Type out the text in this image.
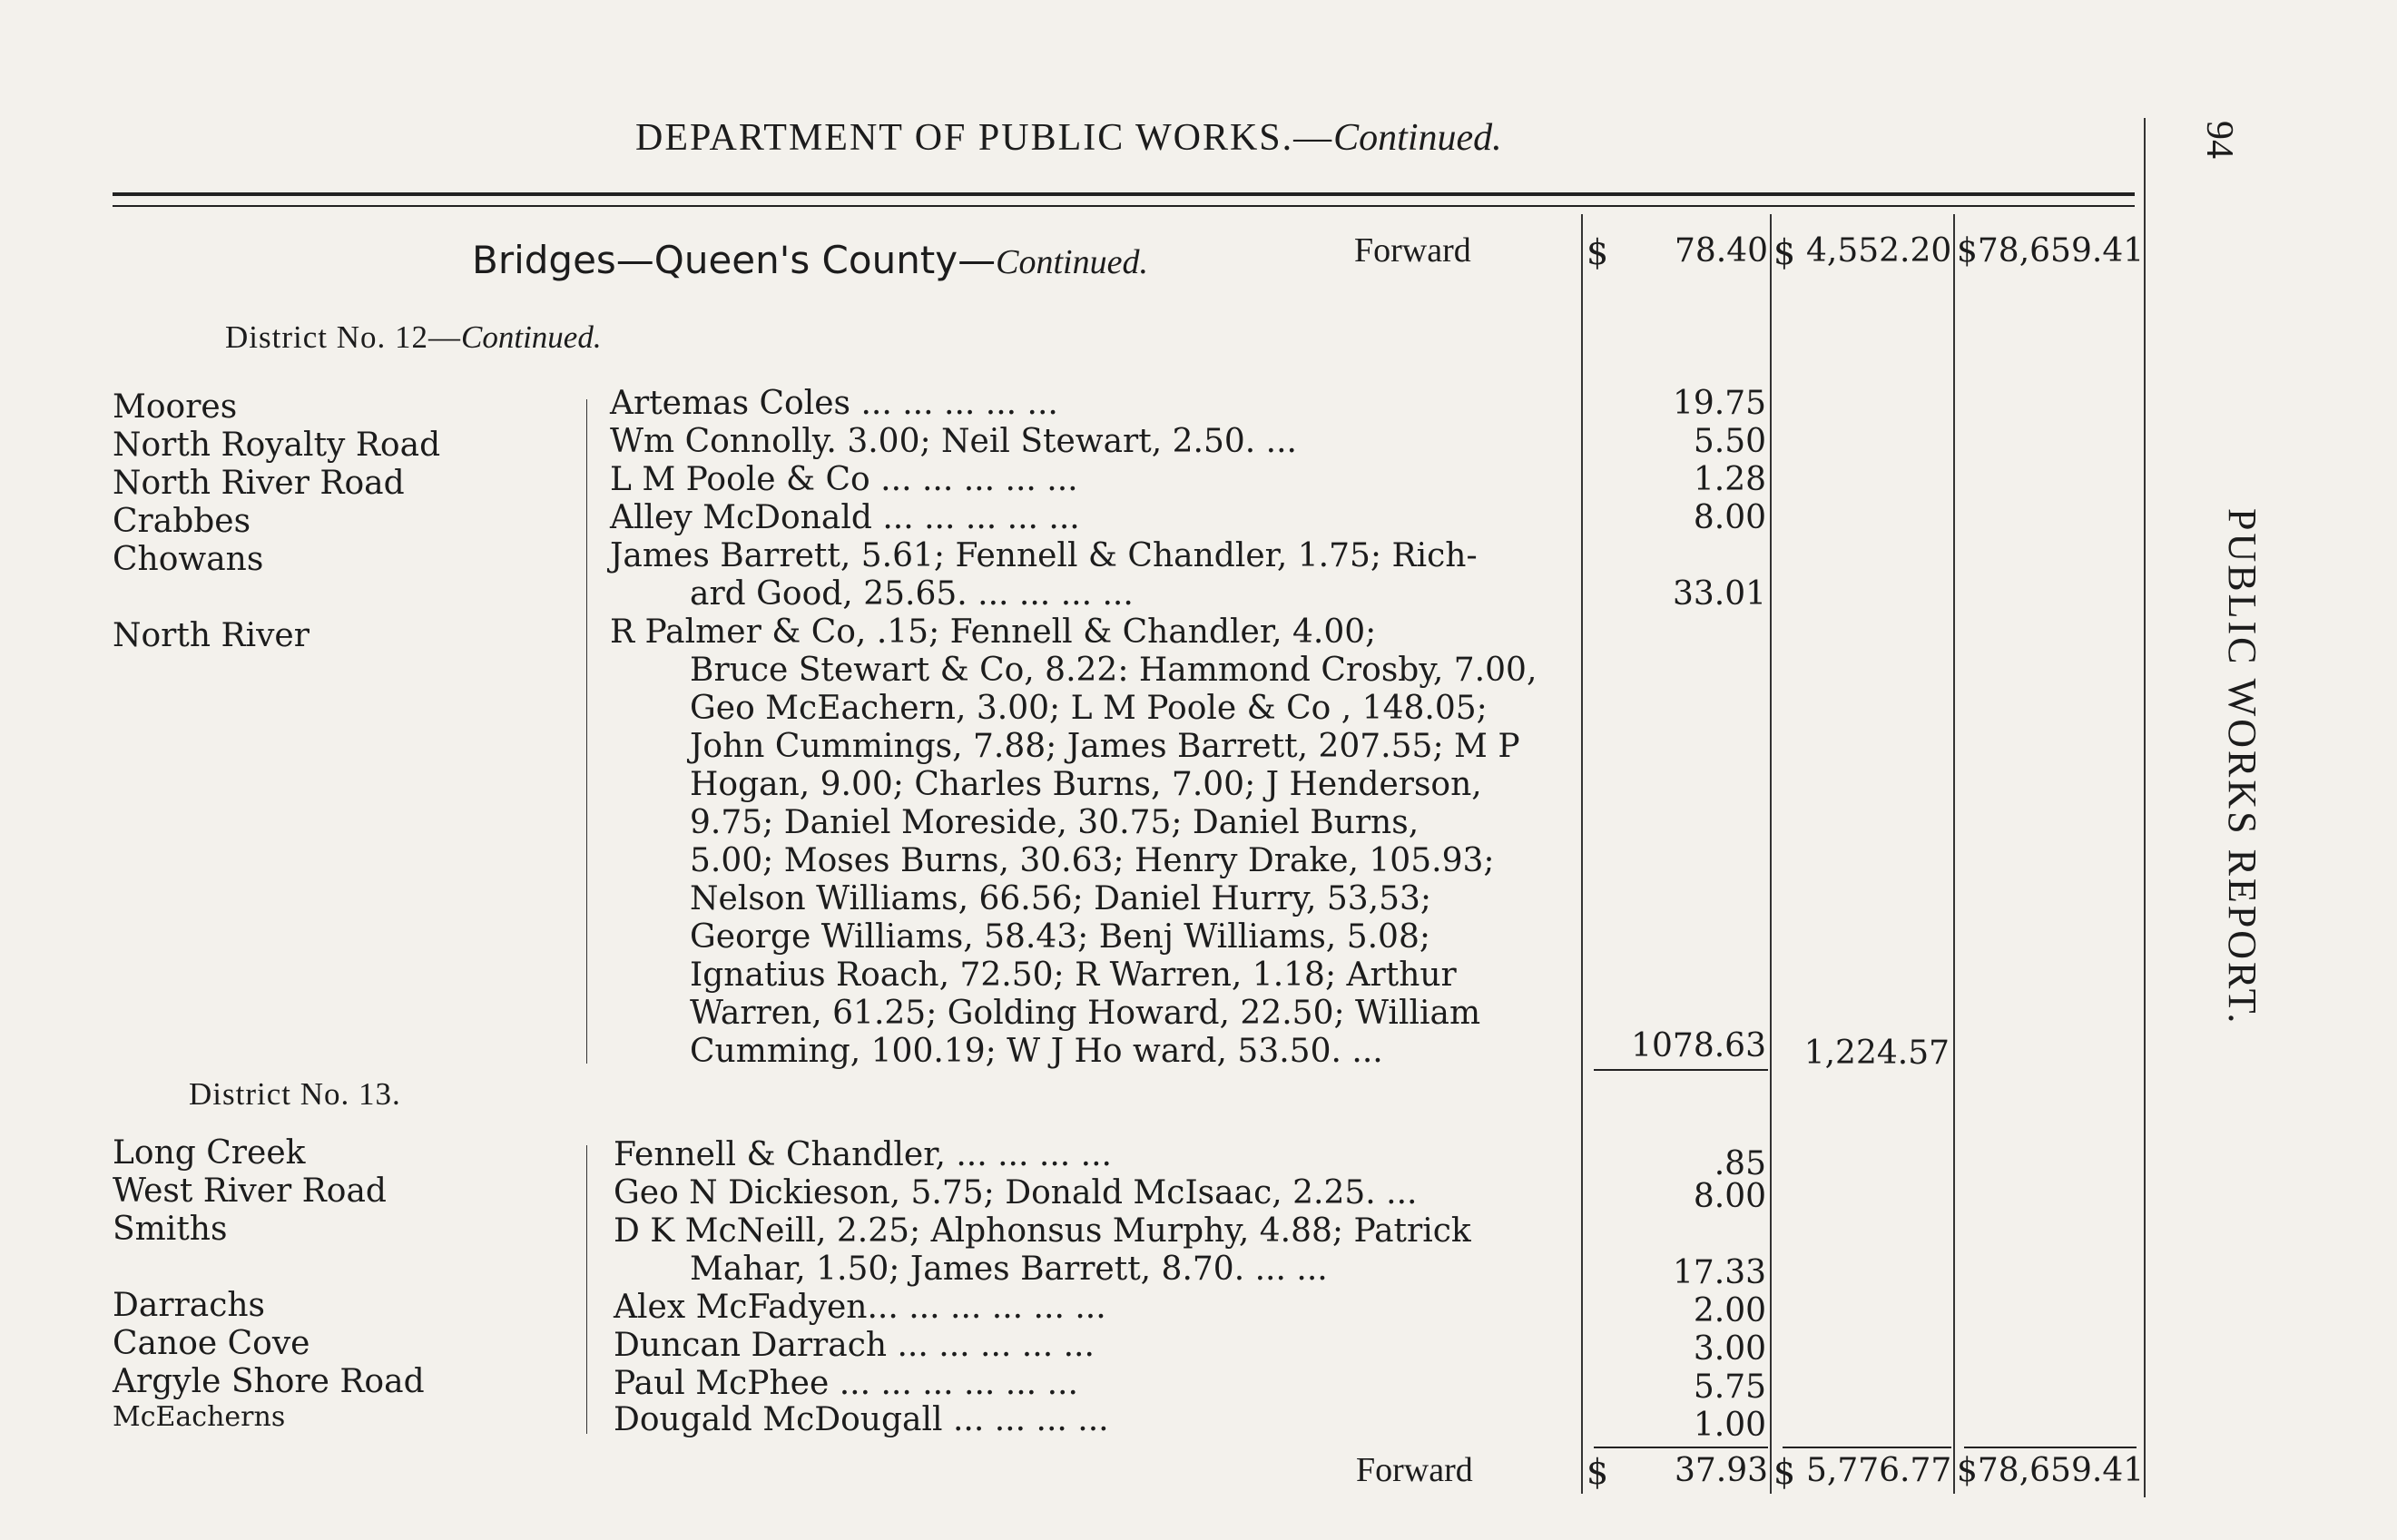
DEPARTMENT OF PUBLIC WORKS.—Continued.	94
PUBLIC WORKS REPORT.
Bridges—Queen's County—Continued.	Forward	$	78.40 $ 4,552.20 $78,659.41
District No. 12—Continued.
Moores	Artemas Coles ... ... ... ... ...	19.75
North Royalty Road	Wm Connolly. 3.00; Neil Stewart, 2.50. ...	5.50
North River Road	L M Poole & Co ... ... ... ... ...	1.28
Crabbes	Alley McDonald ... ... ... ... ...	8.00
Chowans	James Barrett, 5.61; Fennell & Chandler, 1.75; Rich-
ard Good, 25.65. ... ... ... ...	33.01
North River	R Palmer & Co, .15; Fennell & Chandler, 4.00;
Bruce Stewart & Co, 8.22: Hammond Crosby, 7.00,
Geo McEachern, 3.00; L M Poole & Co , 148.05;
John Cummings, 7.88; James Barrett, 207.55; M P
Hogan, 9.00; Charles Burns, 7.00; J Henderson,
9.75; Daniel Moreside, 30.75; Daniel Burns,
5.00; Moses Burns, 30.63; Henry Drake, 105.93;
Nelson Williams, 66.56; Daniel Hurry, 53,53;
George Williams, 58.43; Benj Williams, 5.08;
Ignatius Roach, 72.50; R Warren, 1.18; Arthur
Warren, 61.25; Golding Howard, 22.50; William
Cumming, 100.19; W J Ho ward, 53.50. ...	1078.63	1,224.57
District No. 13.
Long Creek	Fennell & Chandler, ... ... ... ...	.85
West River Road	Geo N Dickieson, 5.75; Donald McIsaac, 2.25. ...	8.00
Smiths	D K McNeill, 2.25; Alphonsus Murphy, 4.88; Patrick
Mahar, 1.50; James Barrett, 8.70. ... ...	17.33
Darrachs	Alex McFadyen... ... ... ... ... ...	2.00
Canoe Cove	Duncan Darrach ... ... ... ... ...	3.00
Argyle Shore Road	Paul McPhee ... ... ... ... ... ...	5.75
McEacherns	Dougald McDougall ... ... ... ...	1.00
Forward	$	37.93 $ 5,776.77 $78,659.41
